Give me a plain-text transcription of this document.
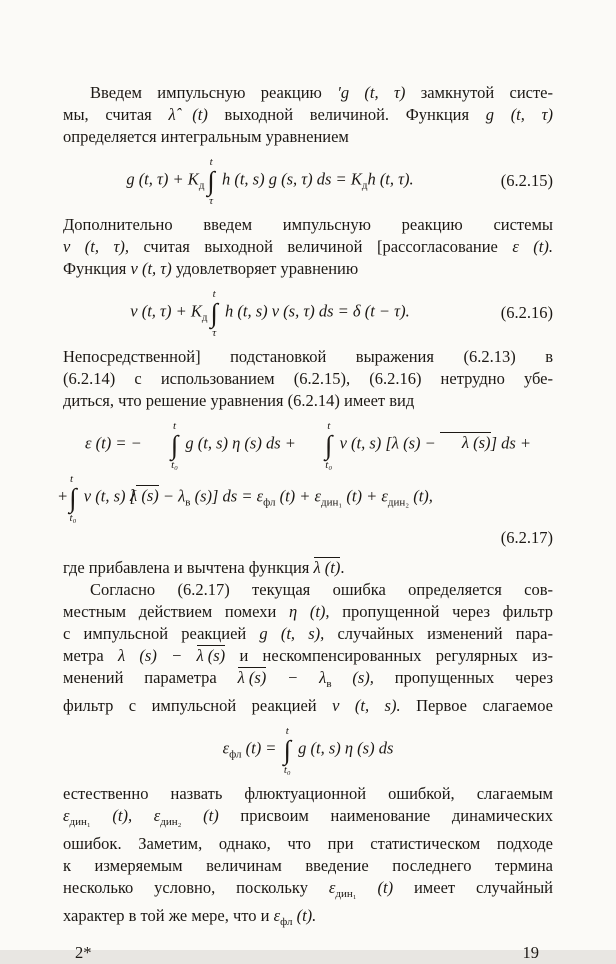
Введем импульсную реакцию ′g (t, τ) замкнутой систе-
мы, считая λ̂ (t) выходной величиной. Функция g (t, τ)
определяется интегральным уравнением
g (t, $\tau) + K_д$
t
∫
τ
h (t, s) g (s, τ) ds = $K_дh$ (t, τ).	(6.2.15)
Дополнительно введем импульсную реакцию системы
v (t, τ), считая выходной величиной [рассогласование ε (t).
Функция v (t, τ) удовлетворяет уравнению
v (t, $\tau) + K_д$
t
∫
τ
h (t, s) v (s, τ) ds = δ (t − τ).	(6.2.16)
Непосредственной] подстановкой выражения (6.2.13) в
(6.2.14) с использованием (6.2.15), (6.2.16) нетрудно убе-
диться, что решение уравнения (6.2.14) имеет вид
ε (t) = −
t
∫
t₀
g (t, s) η (s) ds +
t
∫
t₀
v (t, s) [λ (s) − λ (s)] ds +
+
t
∫
t₀
v (t, s) [λ $(s) - \lambda_в$ (s)] ds = $\varepsilon_{фл}$ $(t) + \varepsilon_{дин_1}$ $(t) + \varepsilon_{дин_2}$ (t),
(6.2.17)
где прибавлена и вычтена функция λ (t).
Согласно (6.2.17) текущая ошибка определяется сов-
местным действием помехи η (t), пропущенной через фильтр
с импульсной реакцией g (t, s), случайных изменений пара-
метра λ (s) − λ (s) и нескомпенсированных регулярных из-
менений параметра λ $(s) - \lambda_в$ (s), пропущенных через
фильтр с импульсной реакцией v (t, s). Первое слагаемое
$\varepsilon_{фл}$ (t) =
t
∫
t₀
g (t, s) η (s) ds
естественно назвать флюктуационной ошибкой, слагаемым
$\varepsilon_{дин_1}$ (t), $\varepsilon_{дин_2}$ (t) присвоим наименование динамических
ошибок. Заметим, однако, что при статистическом подходе
к измеряемым величинам введение последнего термина
несколько условно, поскольку $\varepsilon_{дин_1}$ (t) имеет случайный
характер в той же мере, что и $\varepsilon_{фл}$ (t).
2*	19
